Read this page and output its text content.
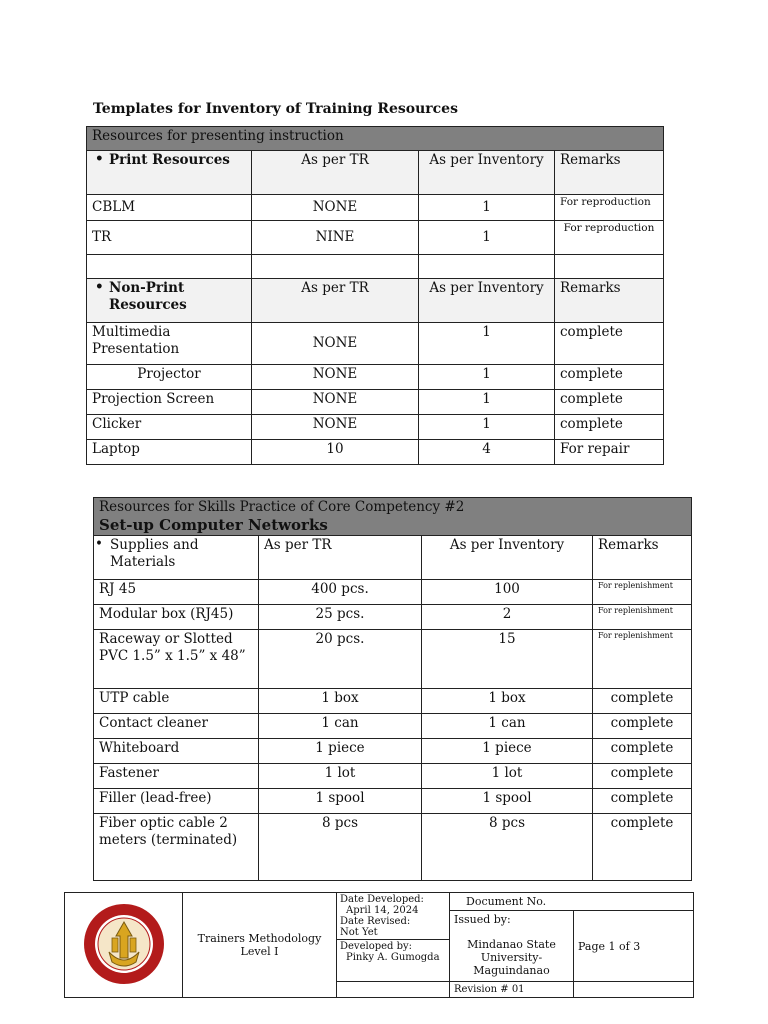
Templates for Inventory of Training Resources
Resources for presenting instruction			
• Print Resources	As per TR	As per Inventory	Remarks
CBLM	NONE	1	For reproduction
TR	NINE	1	For reproduction

• Non-Print Resources	As per TR	As per Inventory	Remarks
Multimedia Presentation	NONE	1	complete
Projector	NONE	1	complete
Projection Screen	NONE	1	complete
Clicker	NONE	1	complete
Laptop	10	4	For repair
Resources for Skills Practice of Core Competency #2
Set-up Computer Networks			

• Supplies and Materials	As per TR	As per Inventory	Remarks
RJ 45	400 pcs.	100	For replenishment
Modular box (RJ45)	25 pcs.	2	For replenishment
Raceway or Slotted PVC 1.5” x 1.5” x 48”	20 pcs.	15	For replenishment
UTP cable	1 box	1 box	complete
Contact cleaner	1 can	1 can	complete
Whiteboard	1 piece	1 piece	complete
Fastener	1 lot	1 lot	complete
Filler (lead-free)	1 spool	1 spool	complete
Fiber optic cable 2 meters (terminated)	8 pcs	8 pcs	complete
	Trainers Methodology Level I	Date Developed:
April 14, 2024
Date Revised:
Not Yet	Document No.	

			Issued by:
Mindanao State University-Maguindanao	Page 1 of 3

		Developed by:
Pinky A. Gumogda		

			Revision # 01	
